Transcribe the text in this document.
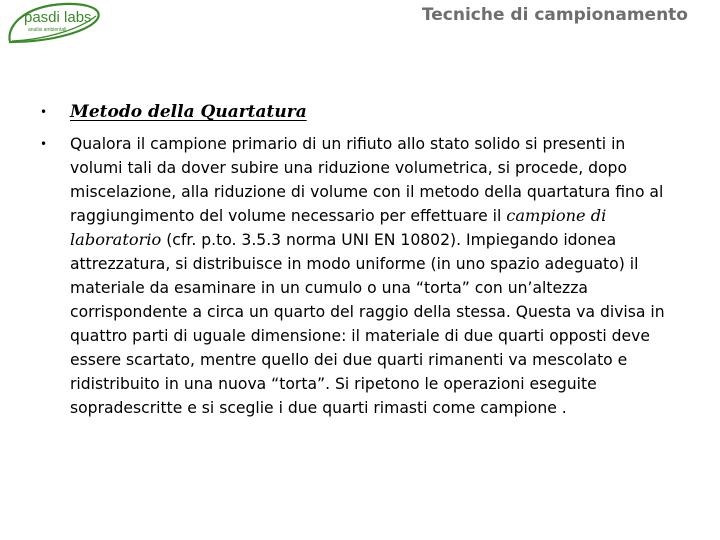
pasdi labs
analisi ambientali
Tecniche di campionamento
•	Metodo della Quartatura
•	Qualora il campione primario di un rifiuto allo stato solido si presenti in volumi tali da dover subire una riduzione volumetrica, si procede, dopo miscelazione, alla riduzione di volume con il metodo della quartatura fino al raggiungimento del volume necessario per effettuare il campione di laboratorio (cfr. p.to. 3.5.3 norma UNI EN 10802). Impiegando idonea attrezzatura, si distribuisce in modo uniforme (in uno spazio adeguato) il materiale da esaminare in un cumulo o una “torta” con un’altezza corrispondente a circa un quarto del raggio della stessa. Questa va divisa in quattro parti di uguale dimensione: il materiale di due quarti opposti deve essere scartato, mentre quello dei due quarti rimanenti va mescolato e ridistribuito in una nuova “torta”. Si ripetono le operazioni eseguite sopradescritte e si sceglie i due quarti rimasti come campione .
